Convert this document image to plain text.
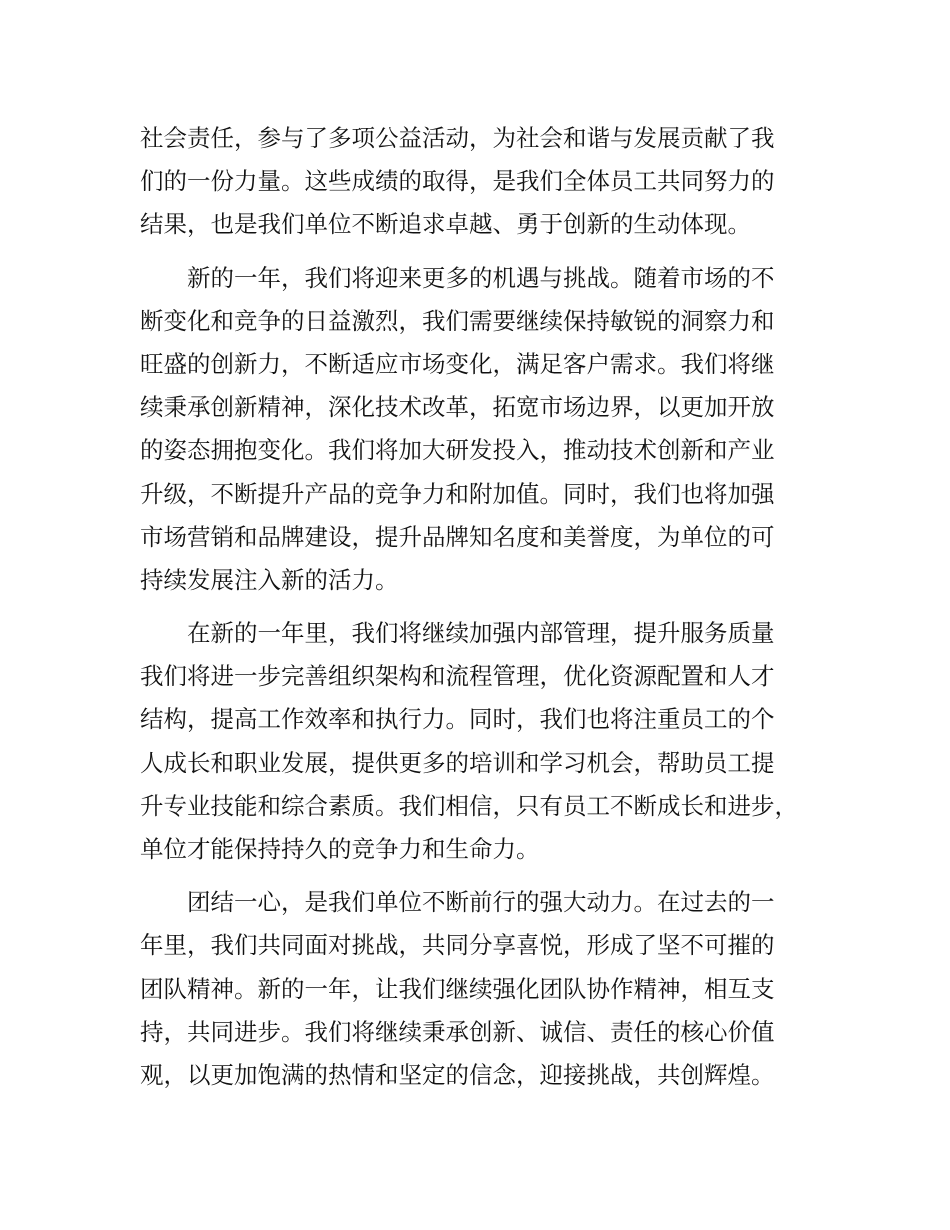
社会责任，参与了多项公益活动，为社会和谐与发展贡献了我
们的一份力量。这些成绩的取得，是我们全体员工共同努力的
结果，也是我们单位不断追求卓越、勇于创新的生动体现。
　　新的一年，我们将迎来更多的机遇与挑战。随着市场的不
断变化和竞争的日益激烈，我们需要继续保持敏锐的洞察力和
旺盛的创新力，不断适应市场变化，满足客户需求。我们将继
续秉承创新精神，深化技术改革，拓宽市场边界，以更加开放
的姿态拥抱变化。我们将加大研发投入，推动技术创新和产业
升级，不断提升产品的竞争力和附加值。同时，我们也将加强
市场营销和品牌建设，提升品牌知名度和美誉度，为单位的可
持续发展注入新的活力。
　　在新的一年里，我们将继续加强内部管理，提升服务质量
我们将进一步完善组织架构和流程管理，优化资源配置和人才
结构，提高工作效率和执行力。同时，我们也将注重员工的个
人成长和职业发展，提供更多的培训和学习机会，帮助员工提
升专业技能和综合素质。我们相信，只有员工不断成长和进步，
单位才能保持持久的竞争力和生命力。
　　团结一心，是我们单位不断前行的强大动力。在过去的一
年里，我们共同面对挑战，共同分享喜悦，形成了坚不可摧的
团队精神。新的一年，让我们继续强化团队协作精神，相互支
持，共同进步。我们将继续秉承创新、诚信、责任的核心价值
观，以更加饱满的热情和坚定的信念，迎接挑战，共创辉煌。
